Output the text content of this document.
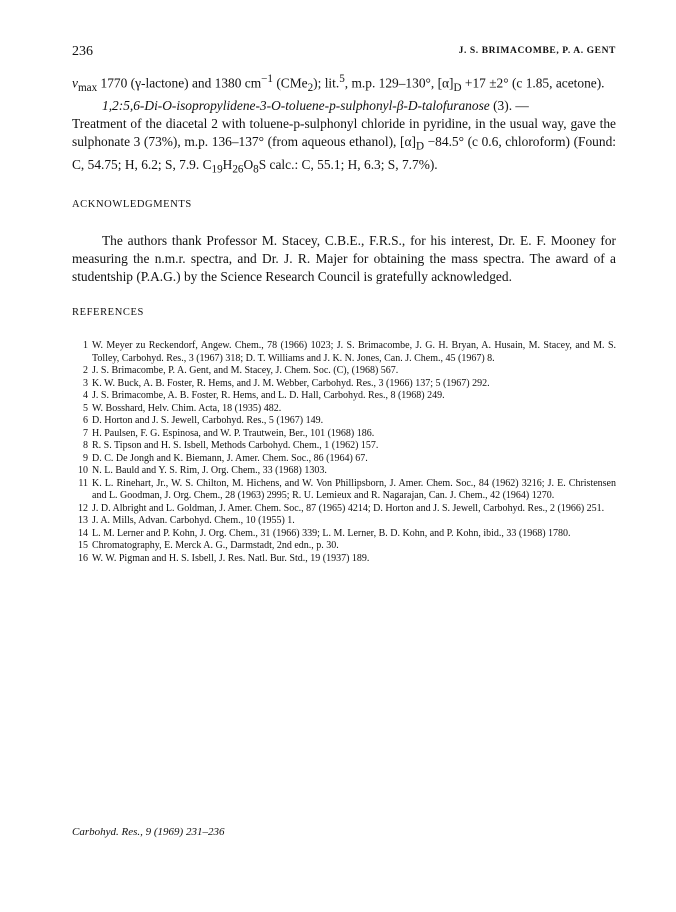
236	J. S. BRIMACOMBE, P. A. GENT

$\nu_{max}$ 1770 (γ-lactone) and 1380 $cm^{-1}$ (CMe$_2$); lit.$^5$, m.p. 129–130°, $[\alpha]_D +17 \pm 2^\circ$ (c 1.85, acetone).

1,2:5,6-Di-O-isopropylidene-3-O-toluene-p-sulphonyl-β-D-talofuranose (3). —

Treatment of the diacetal 2 with toluene-p-sulphonyl chloride in pyridine, in the usual way, gave the sulphonate 3 (73%), m.p. 136–137° (from aqueous ethanol), $[\alpha]_D -84.5^\circ$ (c 0.6, chloroform) (Found: C, 54.75; H, 6.2; S, 7.9. $C_{19}H_{26}O_8S$ calc.: C, 55.1; H, 6.3; S, 7.7%).

ACKNOWLEDGMENTS

The authors thank Professor M. Stacey, C.B.E., F.R.S., for his interest, Dr. E. F. Mooney for measuring the n.m.r. spectra, and Dr. J. R. Majer for obtaining the mass spectra. The award of a studentship (P.A.G.) by the Science Research Council is gratefully acknowledged.

REFERENCES
1 W. Meyer zu Reckendorf, Angew. Chem., 78 (1966) 1023; J. S. Brimacombe, J. G. H. Bryan, A. Husain, M. Stacey, and M. S. Tolley, Carbohyd. Res., 3 (1967) 318; D. T. Williams and J. K. N. Jones, Can. J. Chem., 45 (1967) 8.
2 J. S. Brimacombe, P. A. Gent, and M. Stacey, J. Chem. Soc. (C), (1968) 567.
3 K. W. Buck, A. B. Foster, R. Hems, and J. M. Webber, Carbohyd. Res., 3 (1966) 137; 5 (1967) 292.
4 J. S. Brimacombe, A. B. Foster, R. Hems, and L. D. Hall, Carbohyd. Res., 8 (1968) 249.
5 W. Bosshard, Helv. Chim. Acta, 18 (1935) 482.
6 D. Horton and J. S. Jewell, Carbohyd. Res., 5 (1967) 149.
7 H. Paulsen, F. G. Espinosa, and W. P. Trautwein, Ber., 101 (1968) 186.
8 R. S. Tipson and H. S. Isbell, Methods Carbohyd. Chem., 1 (1962) 157.
9 D. C. De Jongh and K. Biemann, J. Amer. Chem. Soc., 86 (1964) 67.
10 N. L. Bauld and Y. S. Rim, J. Org. Chem., 33 (1968) 1303.
11 K. L. Rinehart, Jr., W. S. Chilton, M. Hichens, and W. Von Phillipsborn, J. Amer. Chem. Soc., 84 (1962) 3216; J. E. Christensen and L. Goodman, J. Org. Chem., 28 (1963) 2995; R. U. Lemieux and R. Nagarajan, Can. J. Chem., 42 (1964) 1270.
12 J. D. Albright and L. Goldman, J. Amer. Chem. Soc., 87 (1965) 4214; D. Horton and J. S. Jewell, Carbohyd. Res., 2 (1966) 251.
13 J. A. Mills, Advan. Carbohyd. Chem., 10 (1955) 1.
14 L. M. Lerner and P. Kohn, J. Org. Chem., 31 (1966) 339; L. M. Lerner, B. D. Kohn, and P. Kohn, ibid., 33 (1968) 1780.
15 Chromatography, E. Merck A. G., Darmstadt, 2nd edn., p. 30.
16 W. W. Pigman and H. S. Isbell, J. Res. Natl. Bur. Std., 19 (1937) 189.
Carbohyd. Res., 9 (1969) 231–236
